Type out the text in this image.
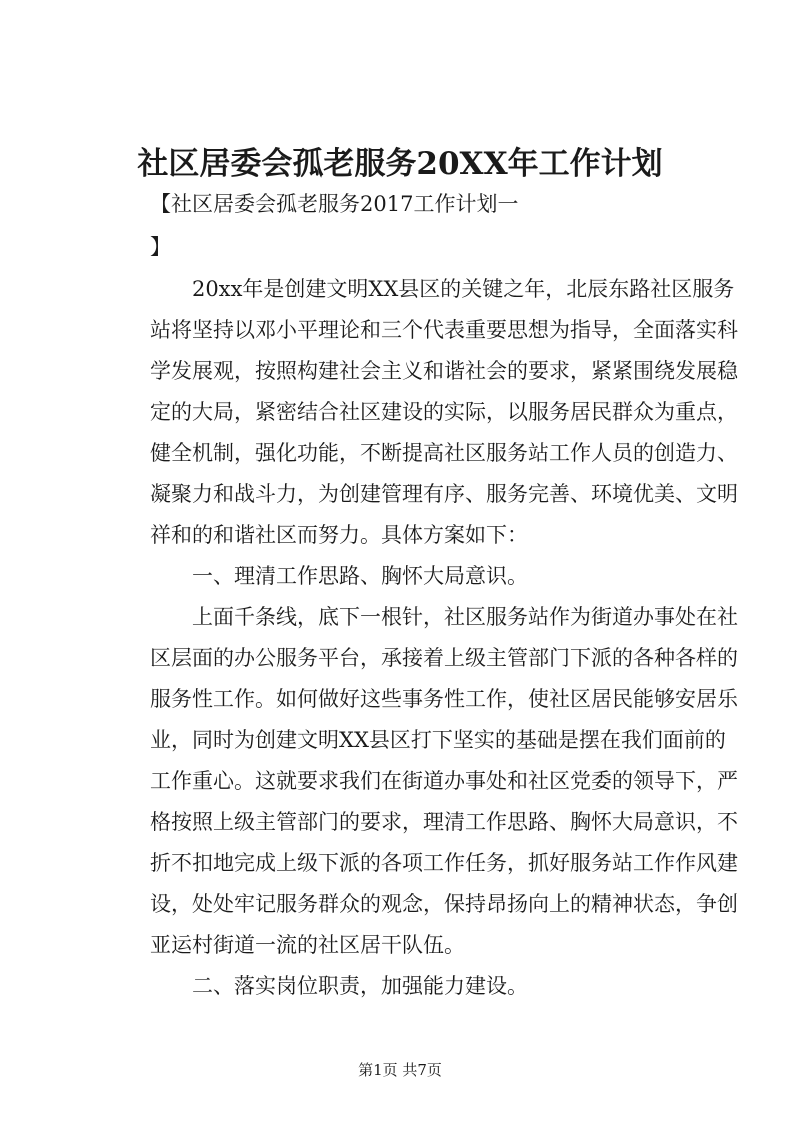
社区居委会孤老服务20XX年工作计划

【社区居委会孤老服务2017工作计划一

】

　　20xx年是创建文明XX县区的关键之年，北辰东路社区服务

站将坚持以邓小平理论和三个代表重要思想为指导，全面落实科

学发展观，按照构建社会主义和谐社会的要求，紧紧围绕发展稳

定的大局，紧密结合社区建设的实际，以服务居民群众为重点，

健全机制，强化功能，不断提高社区服务站工作人员的创造力、

凝聚力和战斗力，为创建管理有序、服务完善、环境优美、文明

祥和的和谐社区而努力。具体方案如下：

　　一、理清工作思路、胸怀大局意识。

　　上面千条线，底下一根针，社区服务站作为街道办事处在社

区层面的办公服务平台，承接着上级主管部门下派的各种各样的

服务性工作。如何做好这些事务性工作，使社区居民能够安居乐

业，同时为创建文明XX县区打下坚实的基础是摆在我们面前的

工作重心。这就要求我们在街道办事处和社区党委的领导下，严

格按照上级主管部门的要求，理清工作思路、胸怀大局意识，不

折不扣地完成上级下派的各项工作任务，抓好服务站工作作风建

设，处处牢记服务群众的观念，保持昂扬向上的精神状态，争创

亚运村街道一流的社区居干队伍。

　　二、落实岗位职责，加强能力建设。

第1页 共7页
